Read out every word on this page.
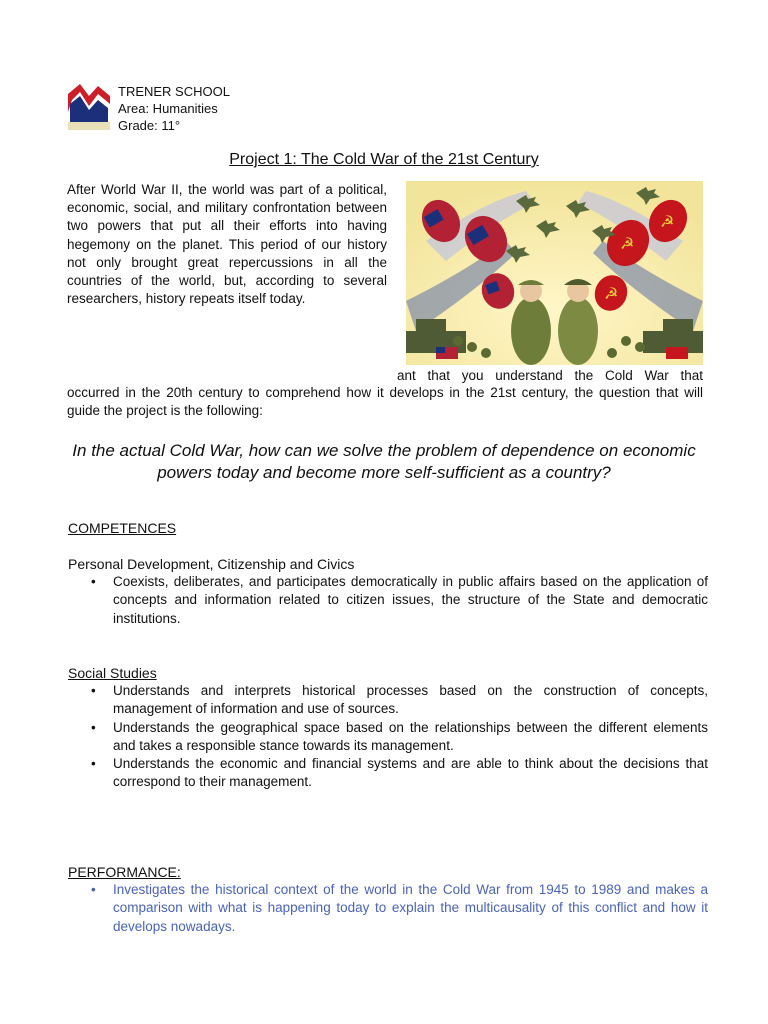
TRENER SCHOOL
Area: Humanities
Grade: 11°
Project 1: The Cold War of the 21st Century
After World War II, the world was part of a political, economic, social, and military confrontation between two powers that put all their efforts into having hegemony on the planet. This period of our history not only brought great repercussions in all the countries of the world, but, according to several researchers, history repeats itself today.
☭
☭
☭
ant that you understand the Cold War that
occurred in the 20th century to comprehend how it develops in the 21st century, the question that will guide the project is the following:
In the actual Cold War, how can we solve the problem of dependence on economic powers today and become more self-sufficient as a country?
COMPETENCES
Personal Development, Citizenship and Civics
• Coexists, deliberates, and participates democratically in public affairs based on the application of concepts and information related to citizen issues, the structure of the State and democratic institutions.
Social Studies
• Understands and interprets historical processes based on the construction of concepts, management of information and use of sources.
• Understands the geographical space based on the relationships between the different elements and takes a responsible stance towards its management.
• Understands the economic and financial systems and are able to think about the decisions that correspond to their management.
PERFORMANCE:
• Investigates the historical context of the world in the Cold War from 1945 to 1989 and makes a comparison with what is happening today to explain the multicausality of this conflict and how it develops nowadays.
